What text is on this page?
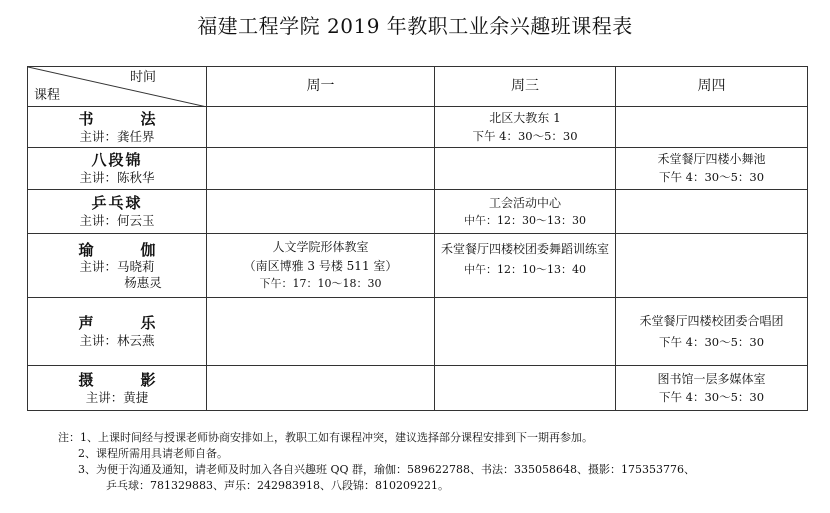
福建工程学院 2019 年教职工业余兴趣班课程表
时间
课程	周一	周三	周四

书　法
主讲：龚任界		北区大教东 1
下午 4：30～5：30	

八段锦
主讲：陈秋华			禾堂餐厅四楼小舞池
下午 4：30～5：30

乒乓球
主讲：何云玉		工会活动中心
中午：12：30～13：30	

瑜　伽
主讲：马晓莉
杨惠灵	人文学院形体教室
（南区博雅 3 号楼 511 室）
下午：17：10～18：30	禾堂餐厅四楼校团委舞蹈训练室
中午：12：10～13：40	

声　乐
主讲：林云燕			禾堂餐厅四楼校团委合唱团
下午 4：30～5：30

摄　影
主讲：黄捷			图书馆一层多媒体室
下午 4：30～5：30
注：1、上课时间经与授课老师协商安排如上，教职工如有课程冲突，建议选择部分课程安排到下一期再参加。
2、课程所需用具请老师自备。
3、为便于沟通及通知，请老师及时加入各自兴趣班 QQ 群，瑜伽：589622788、书法：335058648、摄影：175353776、
乒乓球：781329883、声乐：242983918、八段锦：810209221。
